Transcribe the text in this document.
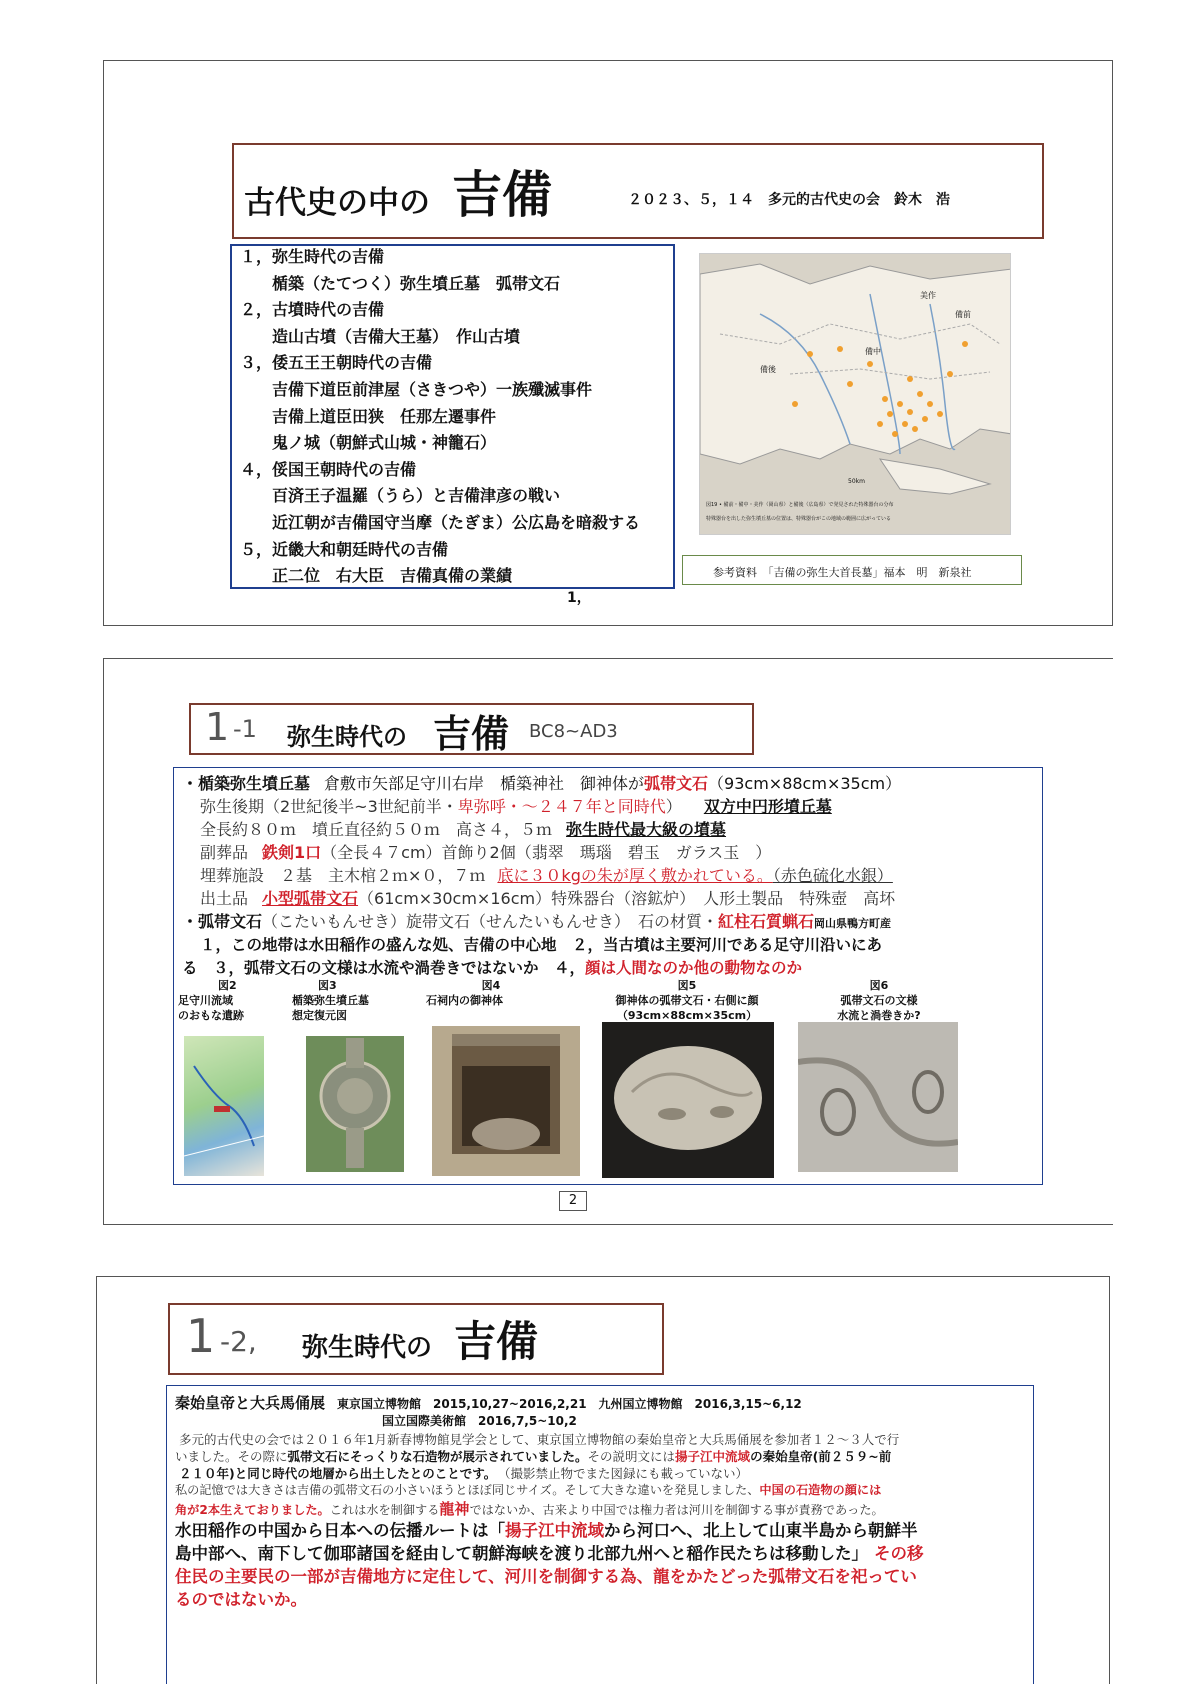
古代史の中の 吉備	２０２３、５，１４　多元的古代史の会　鈴木　浩
１，弥生時代の吉備
楯築（たてつく）弥生墳丘墓　弧帯文石
２，古墳時代の吉備
造山古墳（吉備大王墓）　作山古墳
３，倭五王王朝時代の吉備
吉備下道臣前津屋（さきつや）一族殲滅事件
吉備上道臣田狭　任那左遷事件
鬼ノ城（朝鮮式山城・神籠石）
４，俀国王朝時代の吉備
百済王子温羅（うら）と吉備津彦の戦い
近江朝が吉備国守当摩（たぎま）公広島を暗殺する
５，近畿大和朝廷時代の吉備
正二位　右大臣　吉備真備の業績
備前
備中
美作
備後
50km
図19 • 備前・備中・美作（岡山県）と備後（広島県）で発見された特殊器台の分布
特殊器台を出した弥生墳丘墓の位置は、特殊器台がこの地域の範囲に広がっている
参考資料　「吉備の弥生大首長墓」福本　明　新泉社
1，
1 -1 弥生時代の 吉備 BC8~AD3
・楯築弥生墳丘墓 倉敷市矢部足守川右岸　楯築神社　御神体が弧帯文石（93cm×88cm×35cm）
弥生後期（2世紀後半~3世紀前半・卑弥呼・～２４７年と同時代） 双方中円形墳丘墓
全長約８０ｍ　墳丘直径約５０ｍ　高さ４，５ｍ 弥生時代最大級の墳墓
副葬品 鉄剣1口（全長４７cm）首飾り2個（翡翠　瑪瑙　碧玉　ガラス玉　）
埋葬施設　２基　主木棺２ｍ×０，７ｍ 底に３０kgの朱が厚く敷かれている。（赤色硫化水銀）
出土品 小型弧帯文石（61cm×30cm×16cm）特殊器台（溶鉱炉）　人形土製品　特殊壺　高坏
・弧帯文石（こたいもんせき）旋帯文石（せんたいもんせき）　石の材質・紅柱石質蝋石岡山県鴨方町産
１，この地帯は水田稲作の盛んな処、吉備の中心地　２，当古墳は主要河川である足守川沿いにあ
る　３，弧帯文石の文様は水流や渦巻きではないか　４，顔は人間なのか他の動物なのか
図2
足守川流域
のおもな遺跡
図3
楯築弥生墳丘墓
想定復元図
図4
石祠内の御神体
図5
御神体の弧帯文石・右側に顔
（93cm×88cm×35cm）
図6
弧帯文石の文様
水流と渦巻きか?
2
1 -2, 弥生時代の 吉備
秦始皇帝と大兵馬俑展 東京国立博物館　2015,10,27~2016,2,21　九州国立博物館　2016,3,15~6,12
国立国際美術館　2016,7,5~10,2
多元的古代史の会では２０１６年1月新春博物館見学会として、東京国立博物館の秦始皇帝と大兵馬俑展を参加者１２～３人で行
いました。その際に弧帯文石にそっくりな石造物が展示されていました。その説明文には揚子江中流域の秦始皇帝(前２５９~前
２１０年)と同じ時代の地層から出土したとのことです。 （撮影禁止物でまた図録にも載っていない）
私の記憶では大きさは吉備の弧帯文石の小さいほうとほぼ同じサイズ。そして大きな違いを発見しました、中国の石造物の顔には
角が2本生えておりました。これは水を制御する龍神ではないか、古来より中国では権力者は河川を制御する事が責務であった。
水田稲作の中国から日本への伝播ルートは「揚子江中流域から河口へ、北上して山東半島から朝鮮半
島中部へ、南下して伽耶諸国を経由して朝鮮海峡を渡り北部九州へと稲作民たちは移動した」 その移
住民の主要民の一部が吉備地方に定住して、河川を制御する為、龍をかたどった弧帯文石を祀ってい
るのではないか。
